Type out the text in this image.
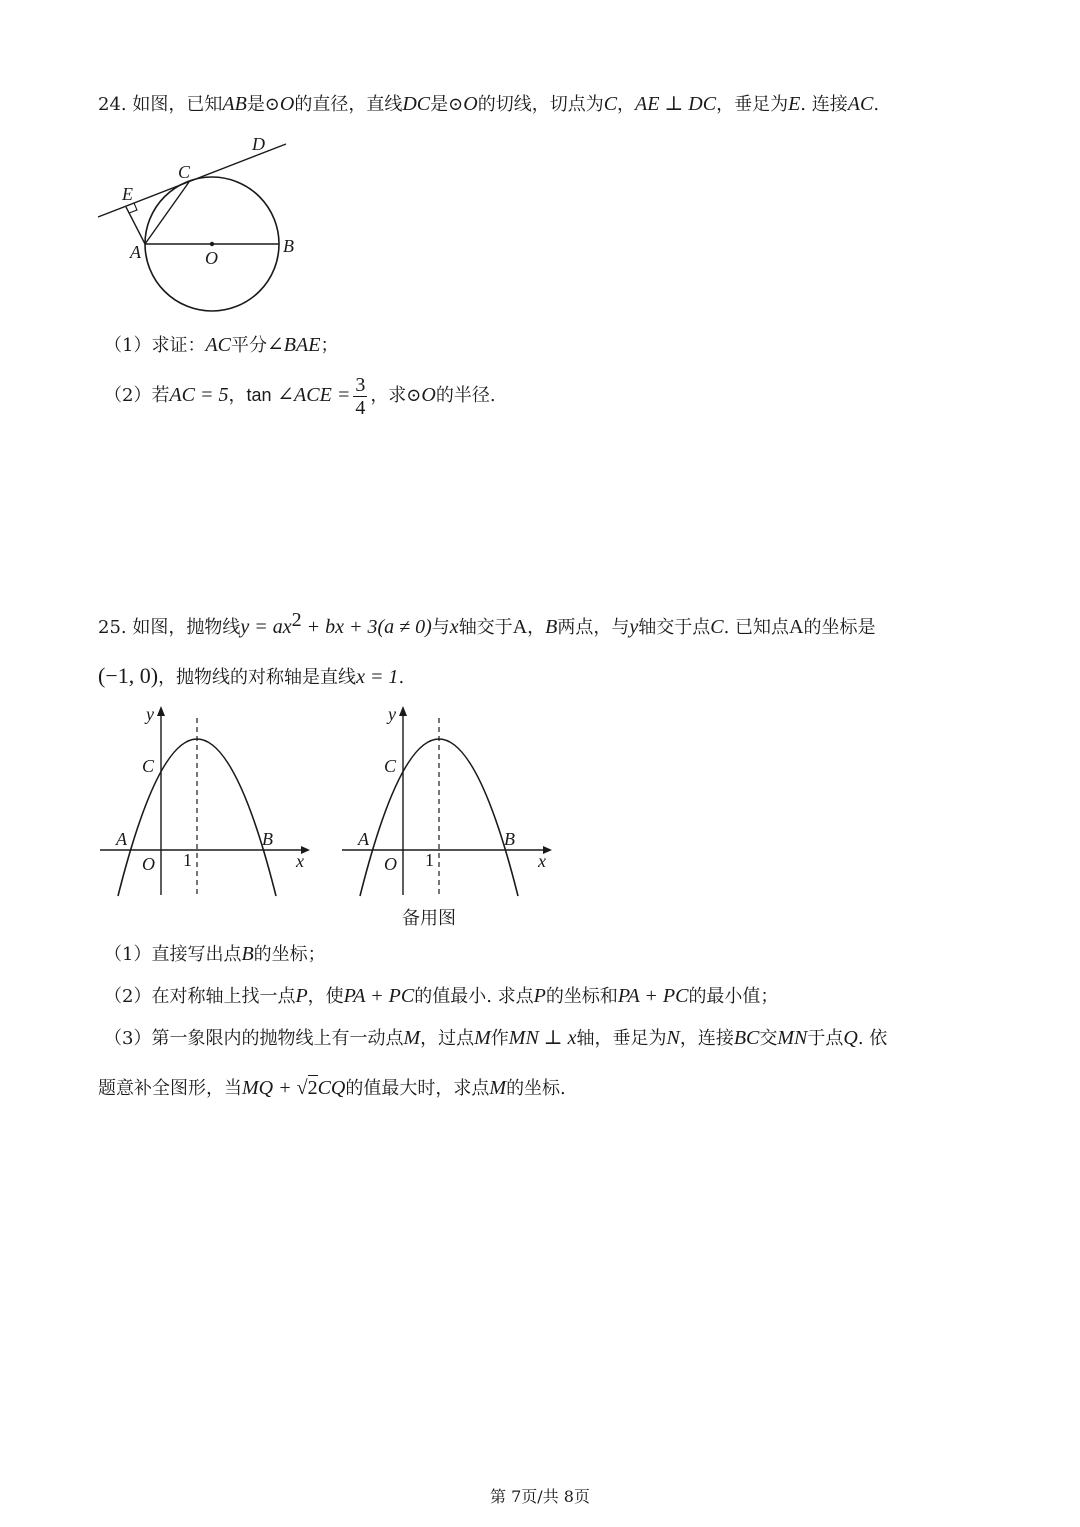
24. 如图，已知AB是⊙O的直径，直线DC是⊙O的切线，切点为C，AE ⊥ DC，垂足为E. 连接AC.
D
C
E
A	O
B
（1）求证：AC平分∠BAE；
（2）若AC = 5，tan ∠ACE = $\frac{3}{4}$ ，求⊙O的半径.
25. 如图，抛物线$y = ax^2$ + bx + 3(a ≠ 0)与x轴交于A，B两点，与y轴交于点C. 已知点A的坐标是
(−1, 0)，抛物线的对称轴是直线x = 1.
y
C
A
O 1
B
x
y
C
A
O 1
B
x
备用图
（1）直接写出点B的坐标；
（2）在对称轴上找一点P，使PA + PC的值最小. 求点P的坐标和PA + PC的最小值；
（3）第一象限内的抛物线上有一动点M，过点M作MN ⊥ x轴，垂足为N，连接BC交MN于点Q. 依
题意补全图形，当MQ + √2CQ的值最大时，求点M的坐标.
第 7页/共 8页
